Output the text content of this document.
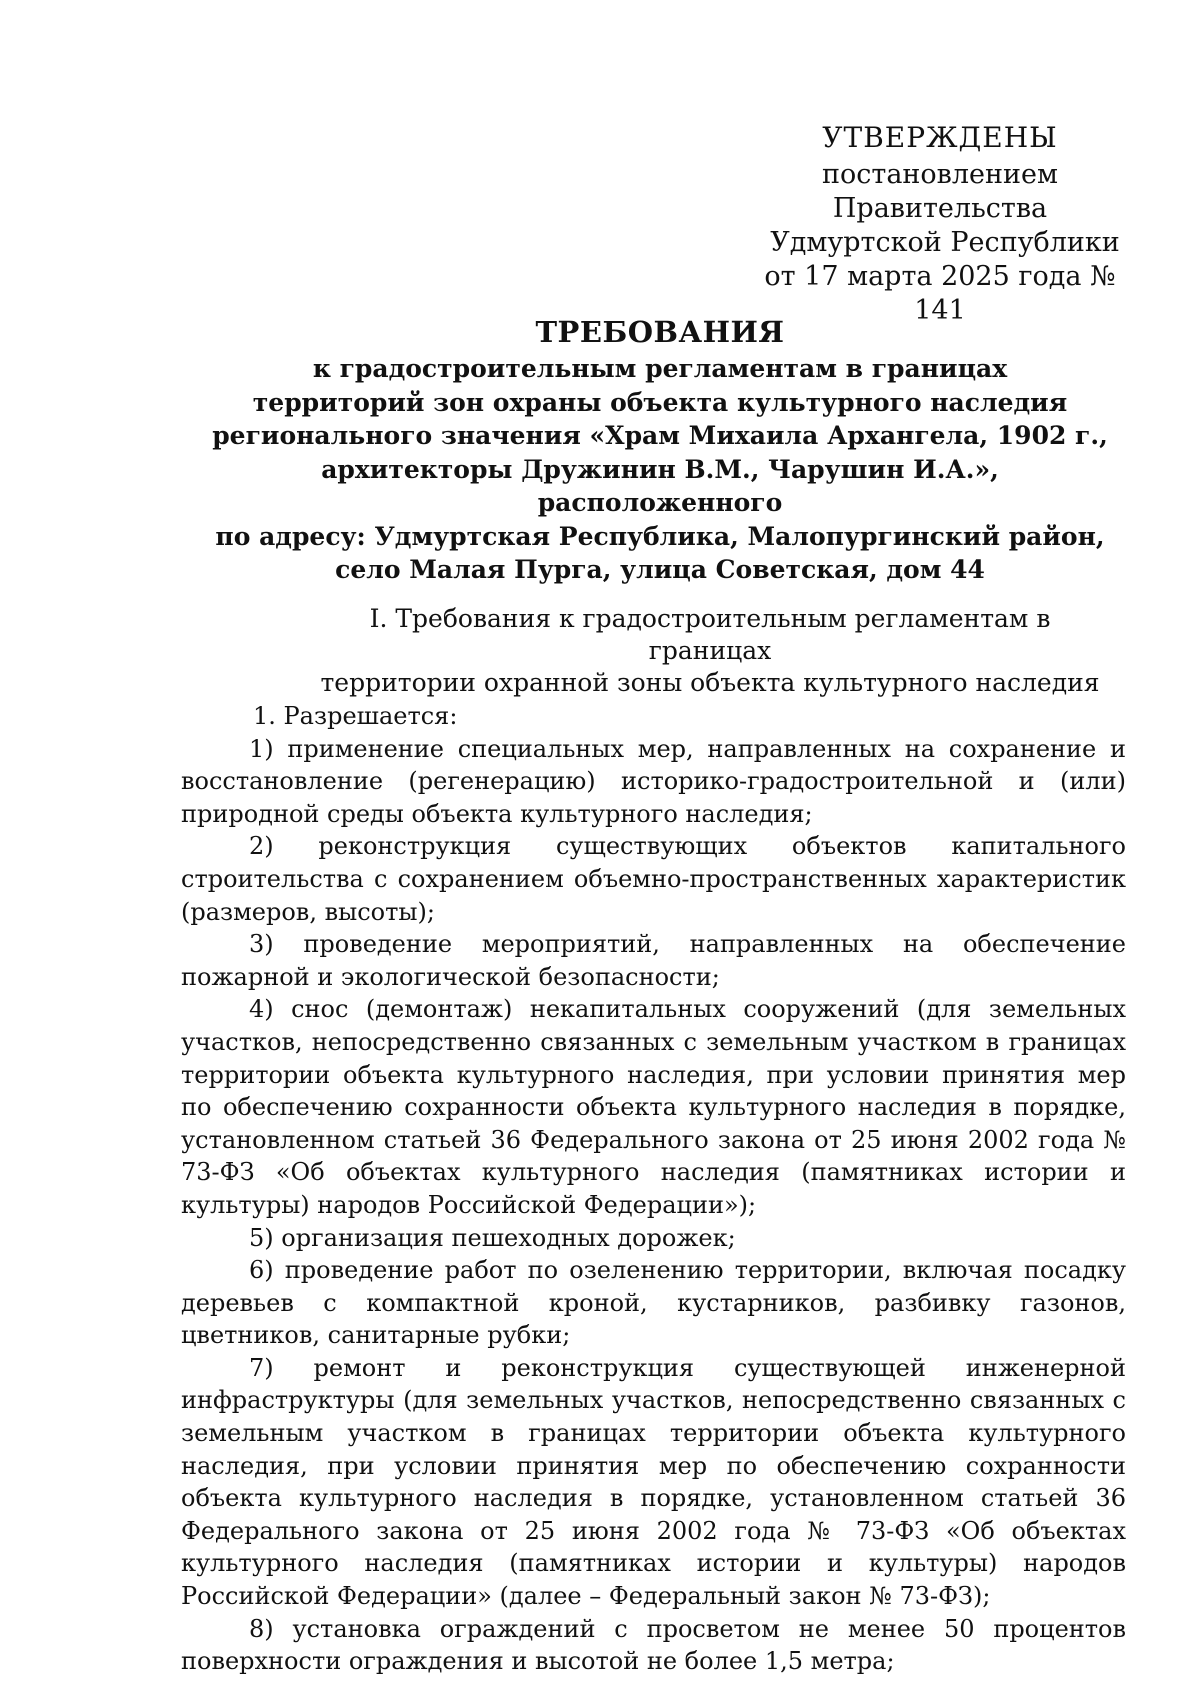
УТВЕРЖДЕНЫ
постановлением Правительства
Удмуртской Республики
от 17 марта 2025 года № 141
ТРЕБОВАНИЯ
к градостроительным регламентам в границах
территорий зон охраны объекта культурного наследия
регионального значения «Храм Михаила Архангела, 1902 г.,
архитекторы Дружинин В.М., Чарушин И.А.», расположенного
по адресу: Удмуртская Республика, Малопургинский район,
село Малая Пурга, улица Советская, дом 44
I. Требования к градостроительным регламентам в границах
территории охранной зоны объекта культурного наследия

1. Разрешается:

1) применение специальных мер, направленных на сохранение и восстановление (регенерацию) историко-градостроительной и (или) природной среды объекта культурного наследия;

2) реконструкция существующих объектов капитального строительства с сохранением объемно-пространственных характеристик (размеров, высоты);

3) проведение мероприятий, направленных на обеспечение пожарной и экологической безопасности;

4) снос (демонтаж) некапитальных сооружений (для земельных участков, непосредственно связанных с земельным участком в границах территории объекта культурного наследия, при условии принятия мер по обеспечению сохранности объекта культурного наследия в порядке, установленном статьей 36 Федерального закона от 25 июня 2002 года № 73-ФЗ «Об объектах культурного наследия (памятниках истории и культуры) народов Российской Федерации»);

5) организация пешеходных дорожек;

6) проведение работ по озеленению территории, включая посадку деревьев с компактной кроной, кустарников, разбивку газонов, цветников, санитарные рубки;

7) ремонт и реконструкция существующей инженерной инфраструктуры (для земельных участков, непосредственно связанных с земельным участком в границах территории объекта культурного наследия, при условии принятия мер по обеспечению сохранности объекта культурного наследия в порядке, установленном статьей 36 Федерального закона от 25 июня 2002 года № 73-ФЗ «Об объектах культурного наследия (памятниках истории и культуры) народов Российской Федерации» (далее – Федеральный закон № 73-ФЗ);

8) установка ограждений с просветом не менее 50 процентов поверхности ограждения и высотой не более 1,5 метра;
